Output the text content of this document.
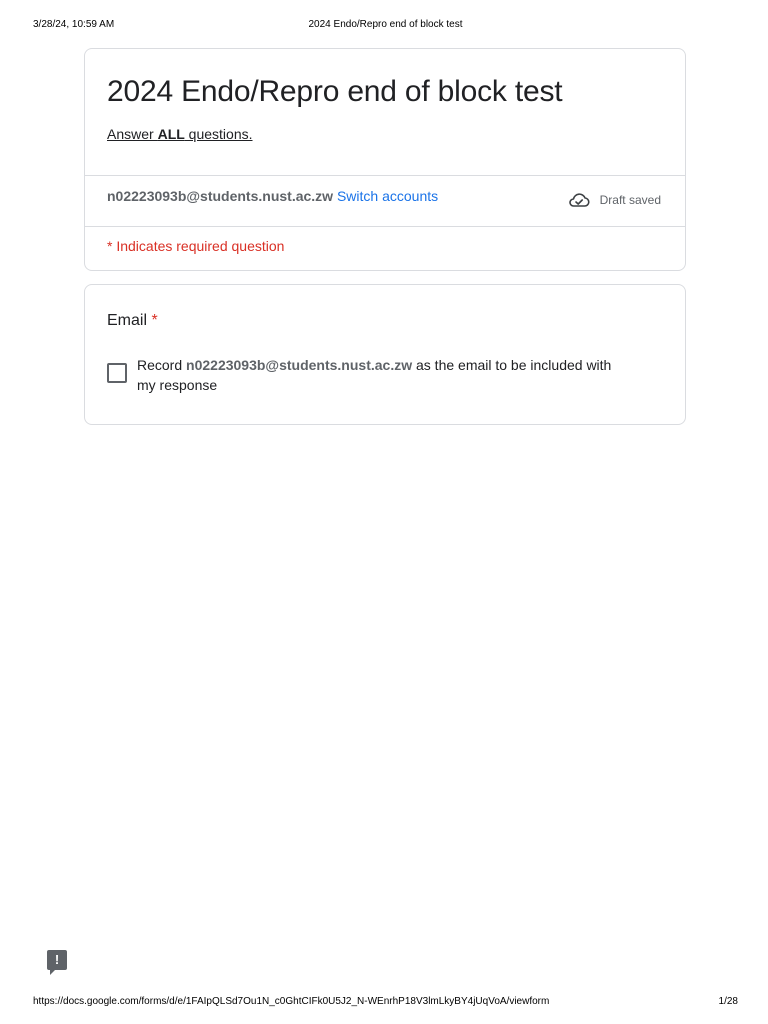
3/28/24, 10:59 AM	2024 Endo/Repro end of block test
2024 Endo/Repro end of block test
Answer ALL questions.
n02223093b@students.nust.ac.zw Switch accounts	Draft saved
* Indicates required question
Email *
Record n02223093b@students.nust.ac.zw as the email to be included with my response
!
https://docs.google.com/forms/d/e/1FAIpQLSd7Ou1N_c0GhtCIFk0U5J2_N-WEnrhP18V3lmLkyBY4jUqVoA/viewform	1/28
